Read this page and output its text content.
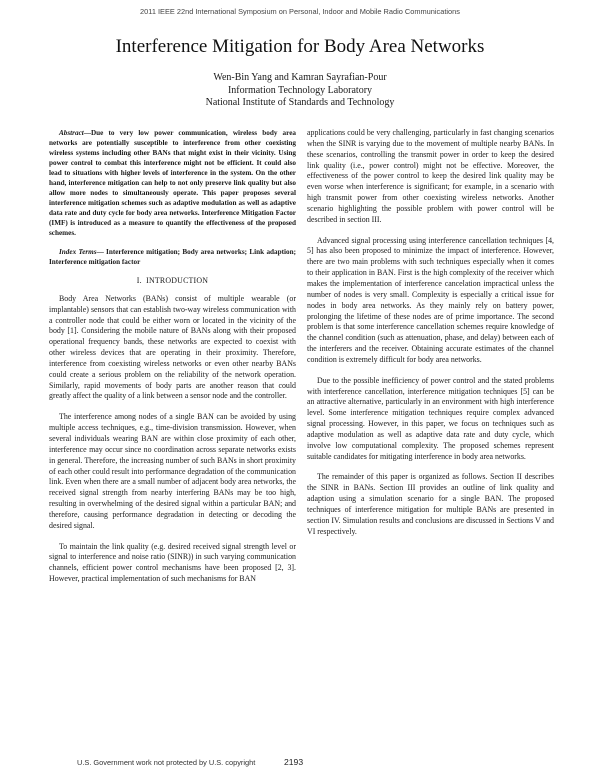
2011 IEEE 22nd International Symposium on Personal, Indoor and Mobile Radio Communications
Interference Mitigation for Body Area Networks
Wen-Bin Yang and Kamran Sayrafian-Pour
Information Technology Laboratory
National Institute of Standards and Technology

Abstract—Due to very low power communication, wireless body area networks are potentially susceptible to interference from other coexisting wireless systems including other BANs that might exist in their vicinity. Using power control to combat this interference might not be efficient. It could also lead to situations with higher levels of interference in the system. On the other hand, interference mitigation can help to not only preserve link quality but also allow more nodes to simultaneously operate. This paper proposes several interference mitigation schemes such as adaptive modulation as well as adaptive data rate and duty cycle for body area networks. Interference Mitigation Factor (IMF) is introduced as a measure to quantify the effectiveness of the proposed schemes.

Index Terms— Interference mitigation; Body area networks; Link adaption; Interference mitigation factor

I. INTRODUCTION

Body Area Networks (BANs) consist of multiple wearable (or implantable) sensors that can establish two-way wireless communication with a controller node that could be either worn or located in the vicinity of the body [1]. Considering the mobile nature of BANs along with their proposed operational frequency bands, these networks are expected to coexist with other wireless devices that are operating in their proximity. Therefore, interference from coexisting wireless networks or even other nearby BANs could create a serious problem on the reliability of the network operation. Similarly, rapid movements of body parts are another reason that could greatly affect the quality of a link between a sensor node and the controller.

The interference among nodes of a single BAN can be avoided by using multiple access techniques, e.g., time-division transmission. However, when several individuals wearing BAN are within close proximity of each other, interference may occur since no coordination across separate networks exists in general. Therefore, the increasing number of such BANs in short proximity of each other could result into performance degradation of the communication link. Even when there are a small number of adjacent body area networks, the received signal strength from nearby interfering BANs may be too high, resulting in overwhelming of the desired signal within a particular BAN; and therefore, causing performance degradation in detecting or decoding the desired signal.

To maintain the link quality (e.g. desired received signal strength level or signal to interference and noise ratio (SINR)) in such varying communication channels, efficient power control mechanisms have been proposed [2, 3]. However, practical implementation of such mechanisms for BAN

applications could be very challenging, particularly in fast changing scenarios when the SINR is varying due to the movement of multiple nearby BANs. In these scenarios, controlling the transmit power in order to keep the desired link quality (i.e., power control) might not be effective. Moreover, the effectiveness of the power control to keep the desired link quality may be even worse when interference is significant; for example, in a scenario with high transmit power from other coexisting wireless networks. Another scenario highlighting the possible problem with power control will be described in section III.

Advanced signal processing using interference cancellation techniques [4, 5] has also been proposed to minimize the impact of interference. However, there are two main problems with such techniques especially when it comes to their application in BAN. First is the high complexity of the receiver which makes the implementation of interference cancelation impractical unless the number of nodes is very small. Complexity is especially a critical issue for nodes in body area networks. As they mainly rely on battery power, prolonging the lifetime of these nodes are of prime importance. The second problem is that some interference cancellation schemes require knowledge of the channel condition (such as attenuation, phase, and delay) between each of the interferers and the receiver. Obtaining accurate estimates of the channel condition is extremely difficult for body area networks.

Due to the possible inefficiency of power control and the stated problems with interference cancellation, interference mitigation techniques [5] can be an attractive alternative, particularly in an environment with high interference level. Some interference mitigation techniques require complex advanced signal processing. However, in this paper, we focus on techniques such as adaptive modulation as well as adaptive data rate and duty cycle, which involve low computational complexity. The proposed schemes represent suitable candidates for mitigating interference in body area networks.

The remainder of this paper is organized as follows. Section II describes the SINR in BANs. Section III provides an outline of link quality and adaption using a simulation scenario for a single BAN. The proposed techniques of interference mitigation for multiple BANs are presented in section IV. Simulation results and conclusions are discussed in Sections V and VI respectively.

U.S. Government work not protected by U.S. copyright	2193
